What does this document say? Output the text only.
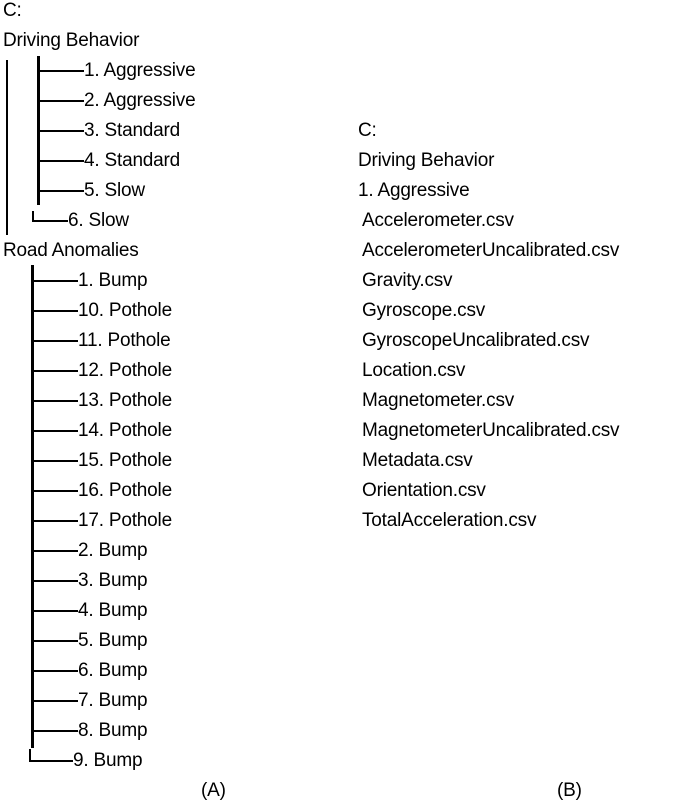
C:
Driving Behavior
1. Aggressive
2. Aggressive
3. Standard
4. Standard
5. Slow
6. Slow
Road Anomalies
1. Bump
10. Pothole
11. Pothole
12. Pothole
13. Pothole
14. Pothole
15. Pothole
16. Pothole
17. Pothole
2. Bump
3. Bump
4. Bump
5. Bump
6. Bump
7. Bump
8. Bump
9. Bump
(A)
C:
Driving Behavior
1. Aggressive
Accelerometer.csv
AccelerometerUncalibrated.csv
Gravity.csv
Gyroscope.csv
GyroscopeUncalibrated.csv
Location.csv
Magnetometer.csv
MagnetometerUncalibrated.csv
Metadata.csv
Orientation.csv
TotalAcceleration.csv
(B)
